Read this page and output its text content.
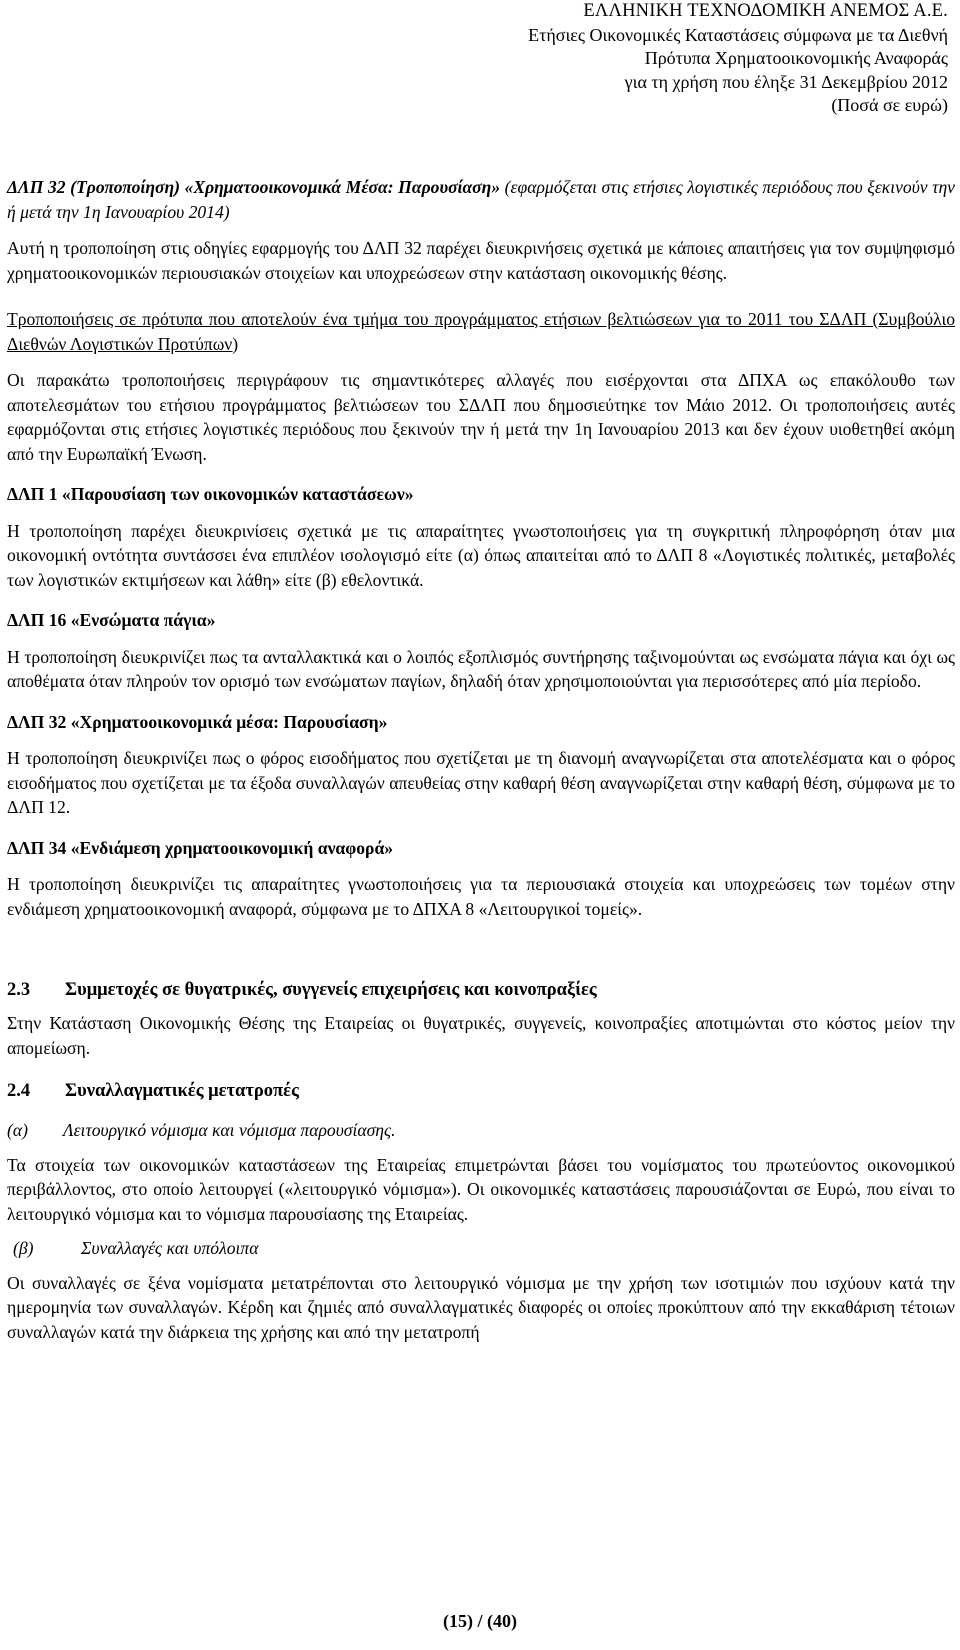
ΕΛΛΗΝΙΚΗ ΤΕΧΝΟΔΟΜΙΚΗ ΑΝΕΜΟΣ Α.Ε.
Ετήσιες Οικονομικές Καταστάσεις σύμφωνα με τα Διεθνή
Πρότυπα Χρηματοοικονομικής Αναφοράς
για τη χρήση που έληξε 31 Δεκεμβρίου 2012
(Ποσά σε ευρώ)

ΔΛΠ 32 (Τροποποίηση) «Χρηματοοικονομικά Μέσα: Παρουσίαση» (εφαρμόζεται στις ετήσιες λογιστικές περιόδους που ξεκινούν την ή μετά την 1η Ιανουαρίου 2014)

Αυτή η τροποποίηση στις οδηγίες εφαρμογής του ΔΛΠ 32 παρέχει διευκρινήσεις σχετικά με κάποιες απαιτήσεις για τον συμψηφισμό χρηματοοικονομικών περιουσιακών στοιχείων και υποχρεώσεων στην κατάσταση οικονομικής θέσης.

Τροποποιήσεις σε πρότυπα που αποτελούν ένα τμήμα του προγράμματος ετήσιων βελτιώσεων για το 2011 του ΣΔΛΠ (Συμβούλιο Διεθνών Λογιστικών Προτύπων)

Οι παρακάτω τροποποιήσεις περιγράφουν τις σημαντικότερες αλλαγές που εισέρχονται στα ΔΠΧΑ ως επακόλουθο των αποτελεσμάτων του ετήσιου προγράμματος βελτιώσεων του ΣΔΛΠ που δημοσιεύτηκε τον Μάιο 2012. Οι τροποποιήσεις αυτές εφαρμόζονται στις ετήσιες λογιστικές περιόδους που ξεκινούν την ή μετά την 1η Ιανουαρίου 2013 και δεν έχουν υιοθετηθεί ακόμη από την Ευρωπαϊκή Ένωση.

ΔΛΠ 1 «Παρουσίαση των οικονομικών καταστάσεων»

Η τροποποίηση παρέχει διευκρινίσεις σχετικά με τις απαραίτητες γνωστοποιήσεις για τη συγκριτική πληροφόρηση όταν μια οικονομική οντότητα συντάσσει ένα επιπλέον ισολογισμό είτε (α) όπως απαιτείται από το ΔΛΠ 8 «Λογιστικές πολιτικές, μεταβολές των λογιστικών εκτιμήσεων και λάθη» είτε (β) εθελοντικά.

ΔΛΠ 16 «Ενσώματα πάγια»

Η τροποποίηση διευκρινίζει πως τα ανταλλακτικά και ο λοιπός εξοπλισμός συντήρησης ταξινομούνται ως ενσώματα πάγια και όχι ως αποθέματα όταν πληρούν τον ορισμό των ενσώματων παγίων, δηλαδή όταν χρησιμοποιούνται για περισσότερες από μία περίοδο.

ΔΛΠ 32 «Χρηματοοικονομικά μέσα: Παρουσίαση»

Η τροποποίηση διευκρινίζει πως ο φόρος εισοδήματος που σχετίζεται με τη διανομή αναγνωρίζεται στα αποτελέσματα και ο φόρος εισοδήματος που σχετίζεται με τα έξοδα συναλλαγών απευθείας στην καθαρή θέση αναγνωρίζεται στην καθαρή θέση, σύμφωνα με το ΔΛΠ 12.

ΔΛΠ 34 «Ενδιάμεση χρηματοοικονομική αναφορά»

Η τροποποίηση διευκρινίζει τις απαραίτητες γνωστοποιήσεις για τα περιουσιακά στοιχεία και υποχρεώσεις των τομέων στην ενδιάμεση χρηματοοικονομική αναφορά, σύμφωνα με το ΔΠΧΑ 8 «Λειτουργικοί τομείς».

2.3 Συμμετοχές σε θυγατρικές, συγγενείς επιχειρήσεις και κοινοπραξίες

Στην Κατάσταση Οικονομικής Θέσης της Εταιρείας οι θυγατρικές, συγγενείς, κοινοπραξίες αποτιμώνται στο κόστος μείον την απομείωση.

2.4 Συναλλαγματικές μετατροπές

(α) Λειτουργικό νόμισμα και νόμισμα παρουσίασης.

Τα στοιχεία των οικονομικών καταστάσεων της Εταιρείας επιμετρώνται βάσει του νομίσματος του πρωτεύοντος οικονομικού περιβάλλοντος, στο οποίο λειτουργεί («λειτουργικό νόμισμα»). Οι οικονομικές καταστάσεις παρουσιάζονται σε Ευρώ, που είναι το λειτουργικό νόμισμα και το νόμισμα παρουσίασης της Εταιρείας.

(β)	Συναλλαγές και υπόλοιπα

Οι συναλλαγές σε ξένα νομίσματα μετατρέπονται στο λειτουργικό νόμισμα με την χρήση των ισοτιμιών που ισχύουν κατά την ημερομηνία των συναλλαγών. Κέρδη και ζημιές από συναλλαγματικές διαφορές οι οποίες προκύπτουν από την εκκαθάριση τέτοιων συναλλαγών κατά την διάρκεια της χρήσης και από την μετατροπή

(15) / (40)
